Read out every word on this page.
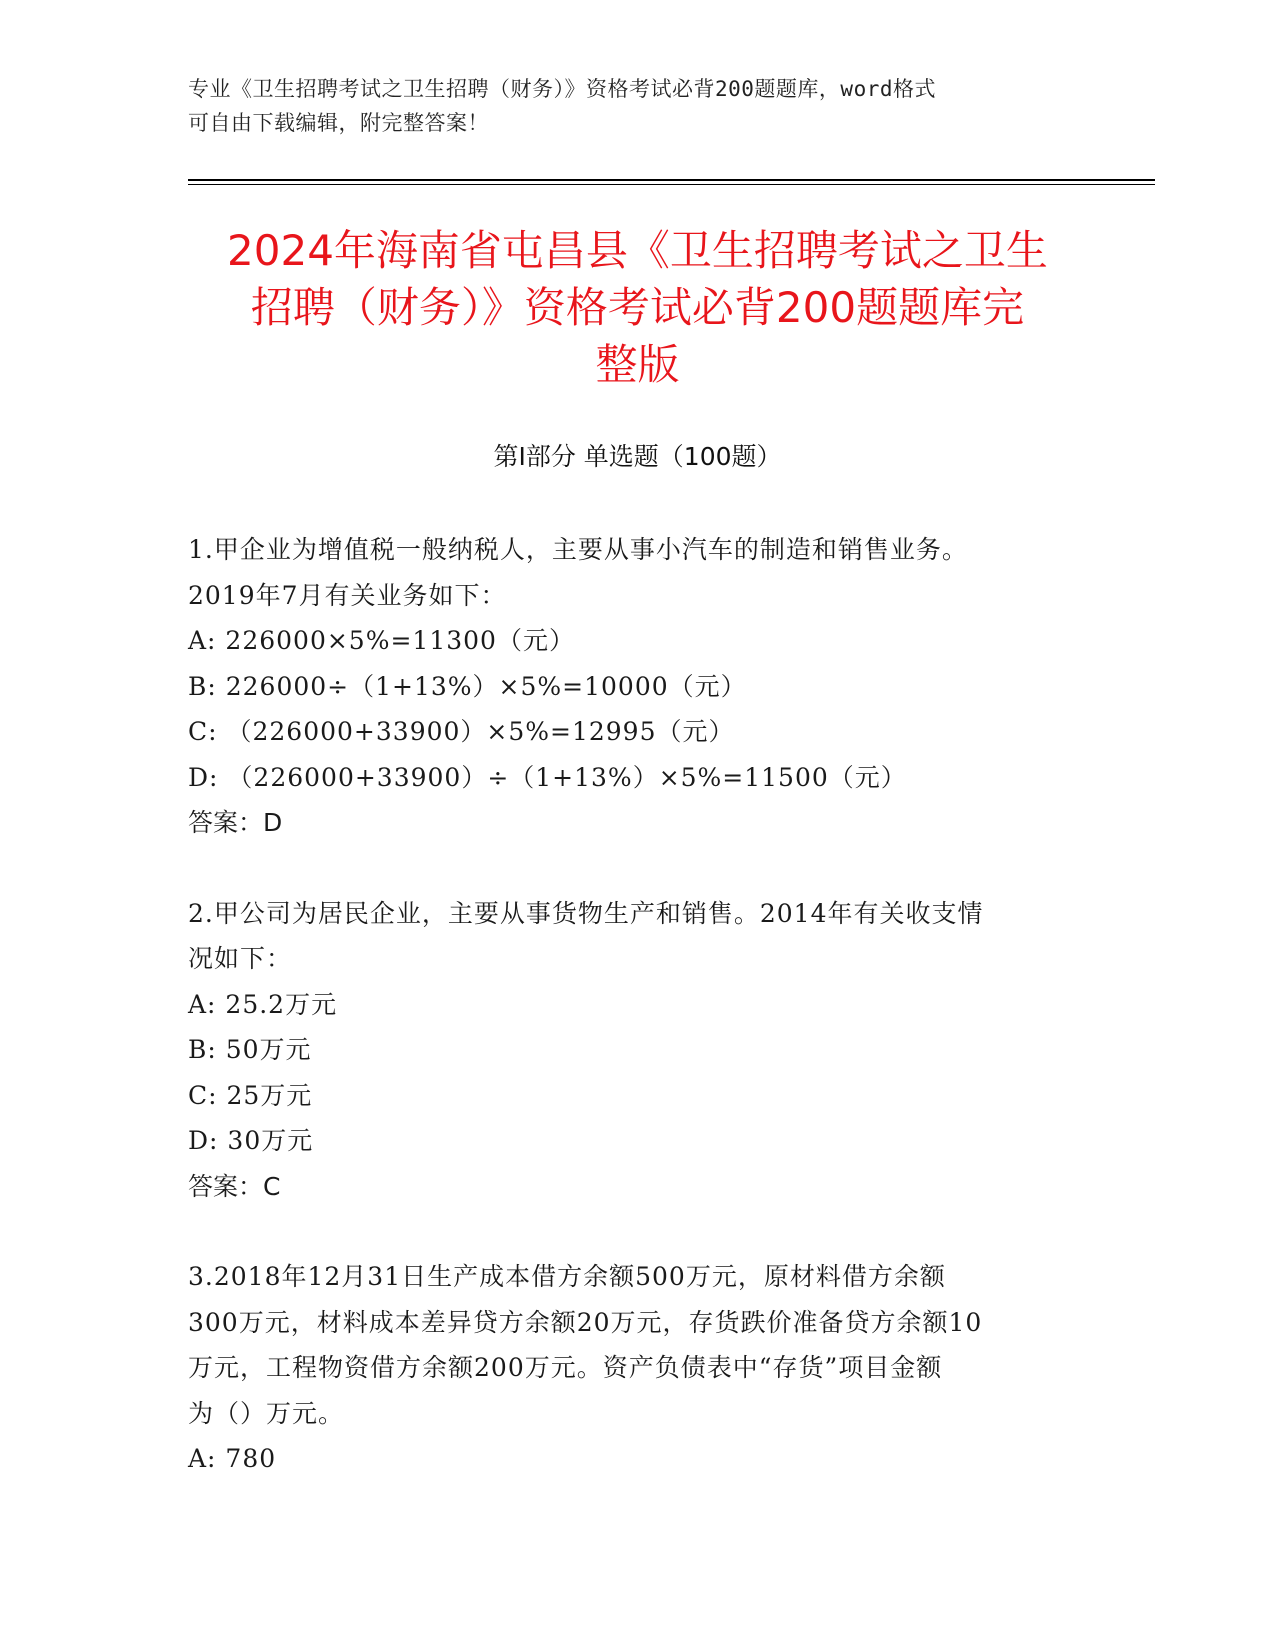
专业《卫生招聘考试之卫生招聘（财务）》资格考试必背200题题库，word格式
可自由下载编辑，附完整答案！
2024年海南省屯昌县《卫生招聘考试之卫生
招聘（财务）》资格考试必背200题题库完
整版
第Ⅰ部分 单选题（100题）
1.甲企业为增值税一般纳税人，主要从事小汽车的制造和销售业务。
2019年7月有关业务如下：
A: 226000×5%=11300（元）
B: 226000÷（1+13%）×5%=10000（元）
C: （226000+33900）×5%=12995（元）
D: （226000+33900）÷（1+13%）×5%=11500（元）
答案：D
2.甲公司为居民企业，主要从事货物生产和销售。2014年有关收支情
况如下：
A: 25.2万元
B: 50万元
C: 25万元
D: 30万元
答案：C
3.2018年12月31日生产成本借方余额500万元，原材料借方余额
300万元，材料成本差异贷方余额20万元，存货跌价准备贷方余额10
万元，工程物资借方余额200万元。资产负债表中“存货”项目金额
为（）万元。
A: 780
